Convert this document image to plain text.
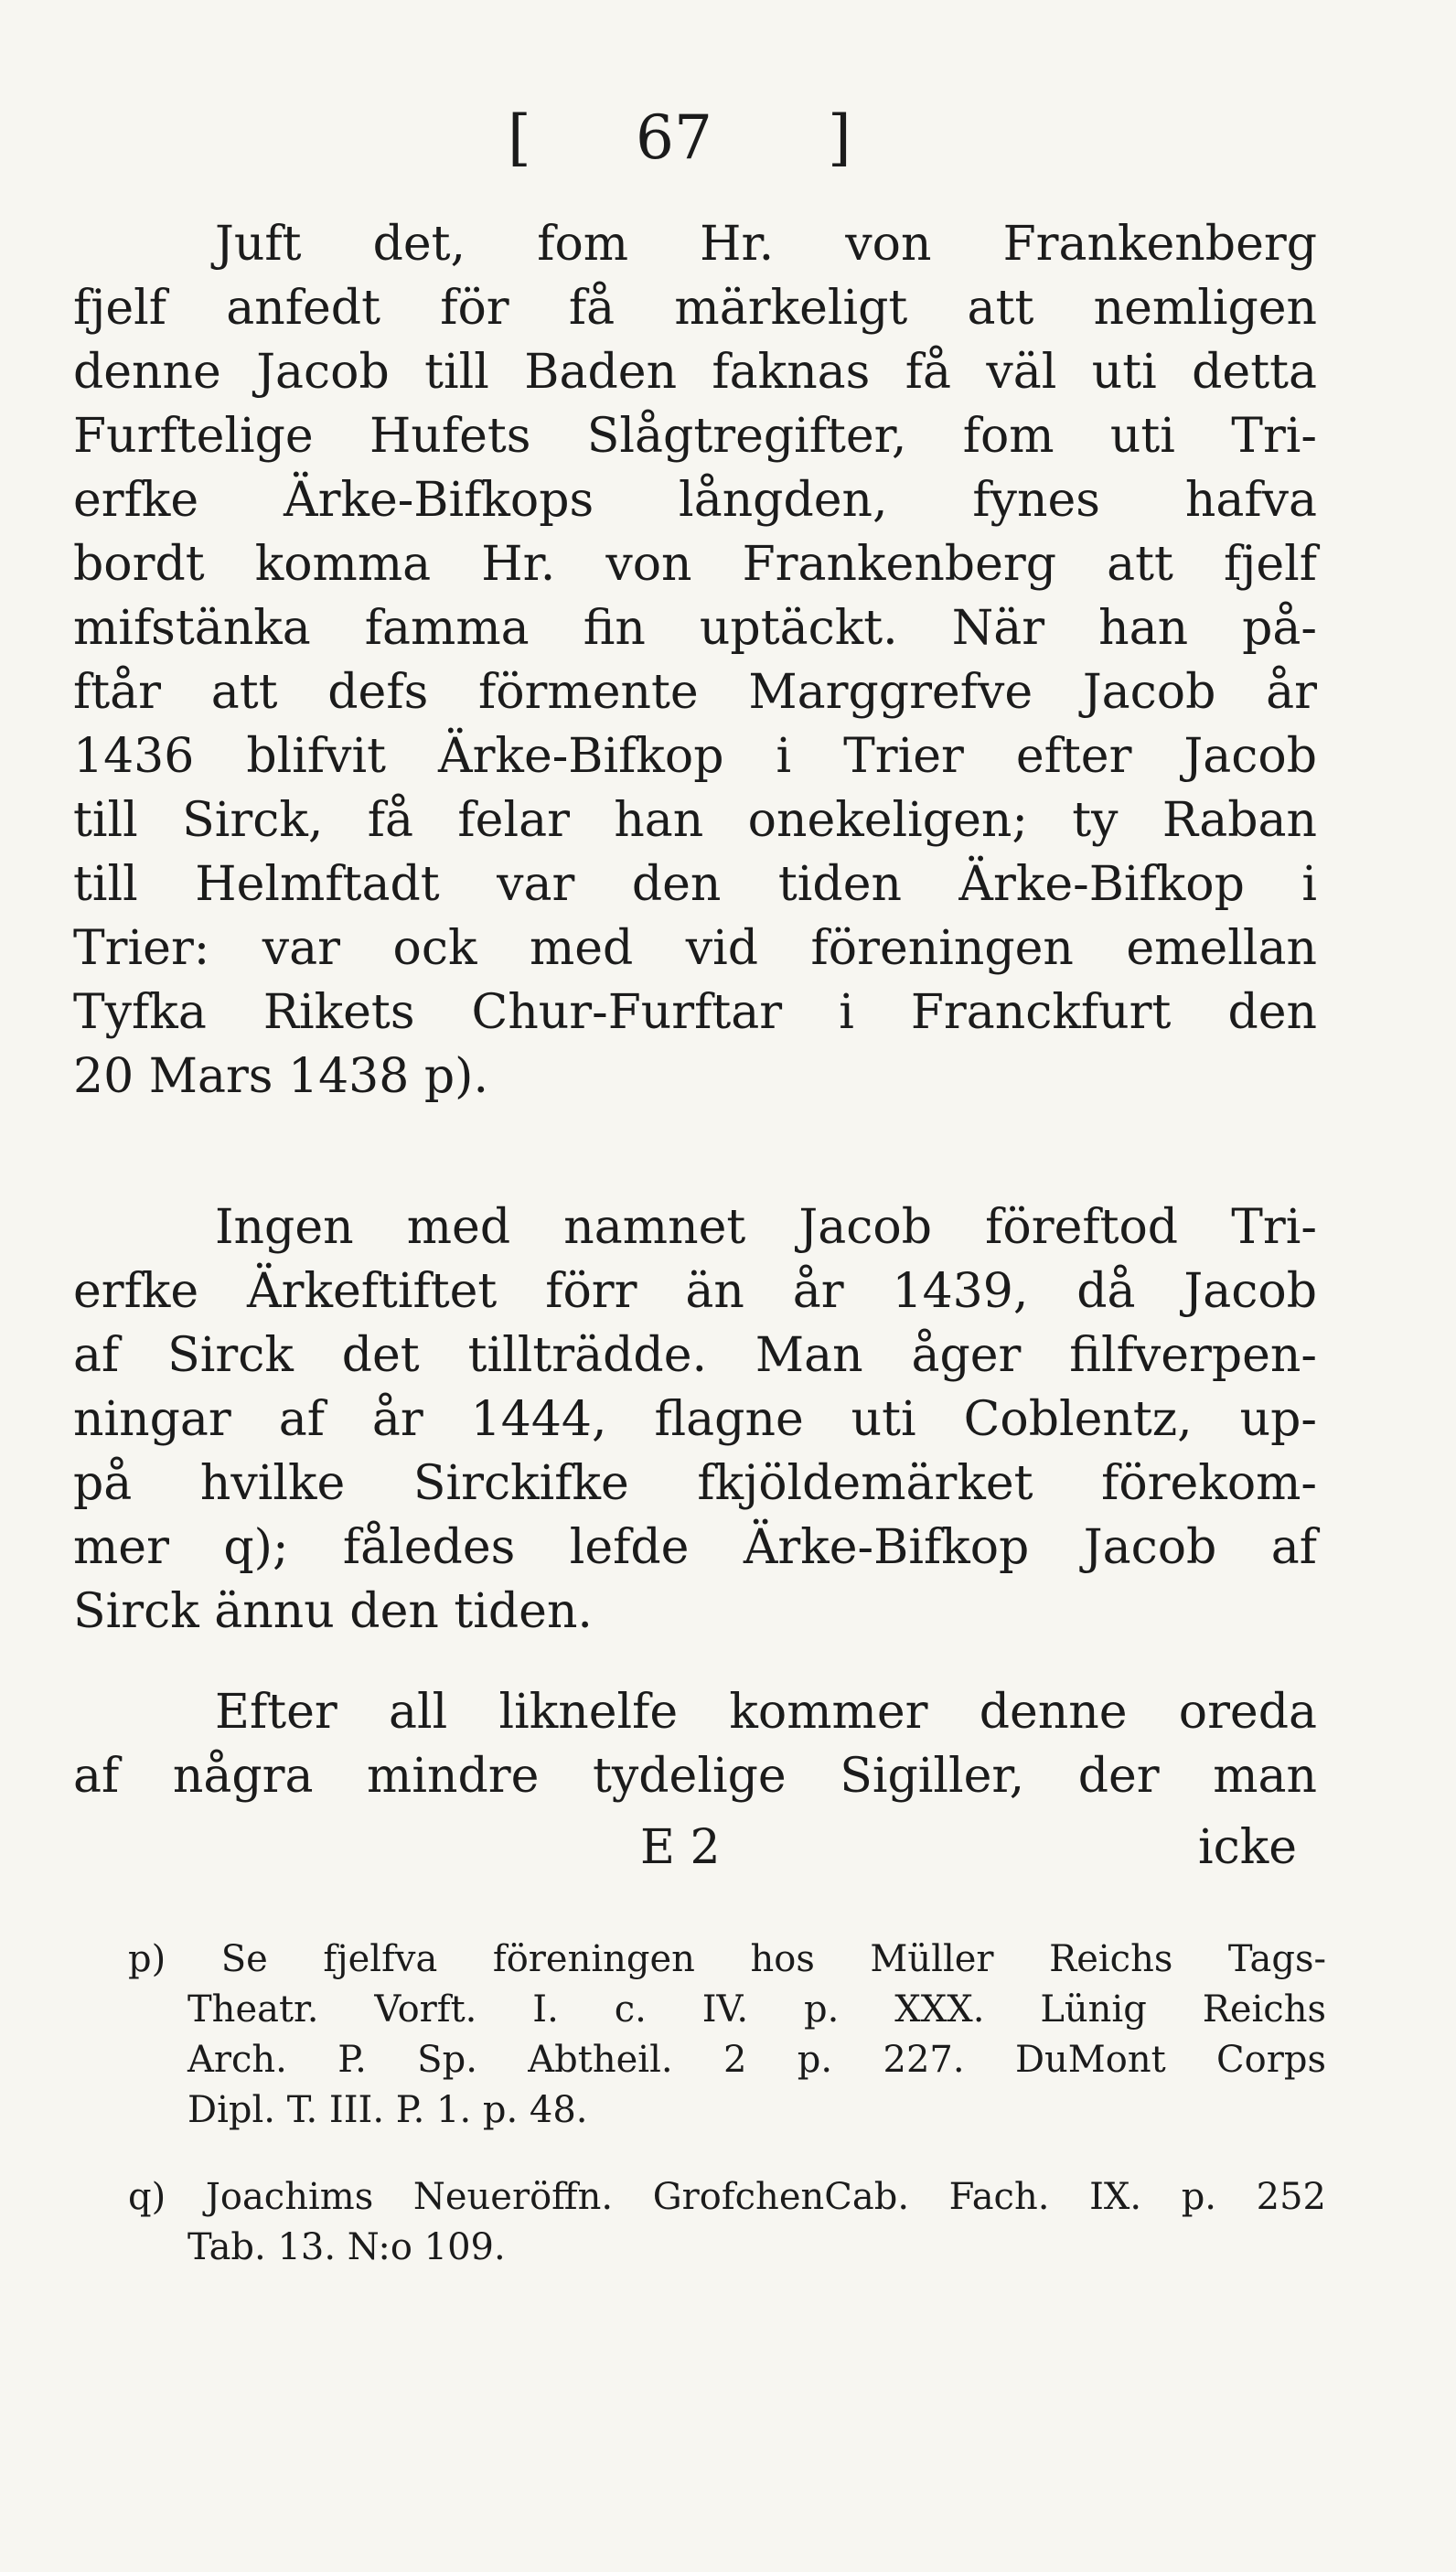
[ 67 ]
Juft det, fom Hr. von Frankenberg
fjelf anfedt för få märkeligt att nemligen
denne Jacob till Baden faknas få väl uti detta
Furftelige Hufets Slågtregifter, fom uti Tri-
erfke Ärke-Bifkops långden, fynes hafva
bordt komma Hr. von Frankenberg att fjelf
mifstänka famma fin uptäckt. När han på-
ftår att defs förmente Marggrefve Jacob år
1436 blifvit Ärke-Bifkop i Trier efter Jacob
till Sirck, få felar han onekeligen; ty Raban
till Helmftadt var den tiden Ärke-Bifkop i
Trier: var ock med vid föreningen emellan
Tyfka Rikets Chur-Furftar i Franckfurt den
20 Mars 1438 p).
Ingen med namnet Jacob föreftod Tri-
erfke Ärkeftiftet förr än år 1439, då Jacob
af Sirck det tillträdde. Man åger filfverpen-
ningar af år 1444, flagne uti Coblentz, up-
på hvilke Sirckifke fkjöldemärket förekom-
mer q); fåledes lefde Ärke-Bifkop Jacob af
Sirck ännu den tiden.
Efter all liknelfe kommer denne oreda
af några mindre tydelige Sigiller, der man
E 2	icke
p) Se fjelfva föreningen hos Müller Reichs Tags-
Theatr. Vorft. I. c. IV. p. XXX. Lünig Reichs
Arch. P. Sp. Abtheil. 2 p. 227. DuMont Corps
Dipl. T. III. P. 1. p. 48.
q) Joachims Neueröffn. GrofchenCab. Fach. IX. p. 252
Tab. 13. N:o 109.
